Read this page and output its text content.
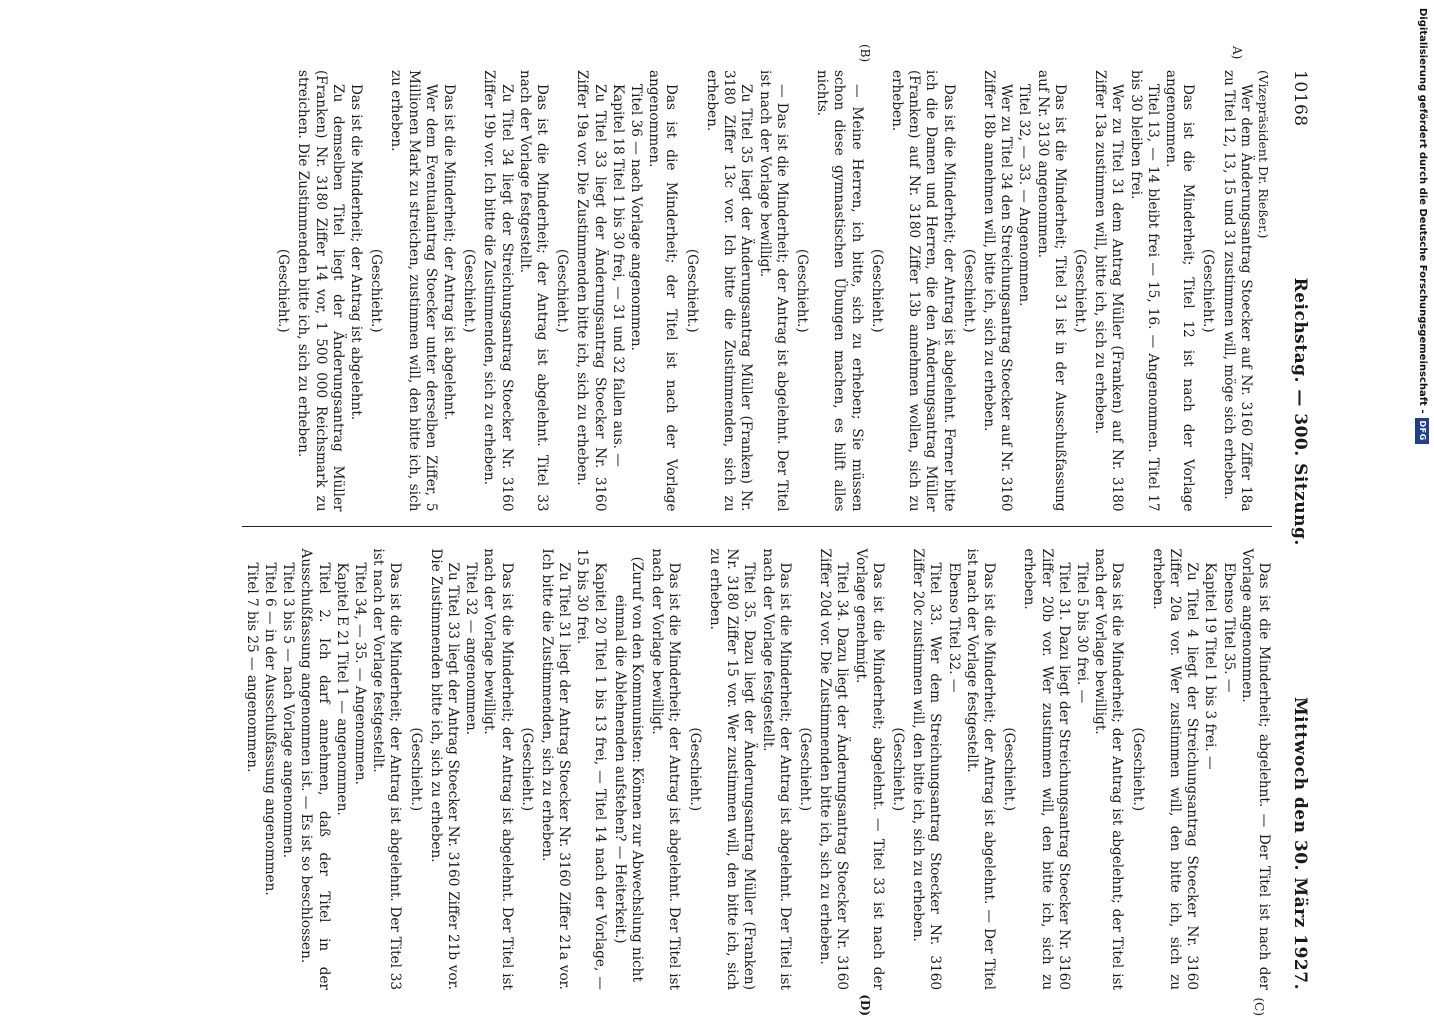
10168
Reichstag. — 300. Sitzung.
Mittwoch den 30. März 1927.
A)
(B)
(C)
(D)

(Vizepräsident Dr. Rießer.)

Wer dem Änderungsantrag Stoecker auf Nr. 3160 Ziffer 18a zu Titel 12, 13, 15 und 31 zustimmen will, möge sich erheben.

(Geschieht.)

Das ist die Minderheit; Titel 12 ist nach der Vorlage angenommen.

Titel 13, — 14 bleibt frei — 15, 16. — Angenommen. Titel 17 bis 30 bleiben frei.

Wer zu Titel 31 dem Antrag Müller (Franken) auf Nr. 3180 Ziffer 13a zustimmen will, bitte ich, sich zu erheben.

(Geschieht.)

Das ist die Minderheit; Titel 31 ist in der Ausschußfassung auf Nr. 3130 angenommen.

Titel 32, — 33. — Angenommen.

Wer zu Titel 34 den Streichungsantrag Stoecker auf Nr. 3160 Ziffer 18b annehmen will, bitte ich, sich zu erheben.

(Geschieht.)

Das ist die Minderheit; der Antrag ist abgelehnt. Ferner bitte ich die Damen und Herren, die den Änderungsantrag Müller (Franken) auf Nr. 3180 Ziffer 13b annehmen wollen, sich zu erheben.

(Geschieht.)

— Meine Herren, ich bitte, sich zu erheben; Sie müssen schon diese gymnastischen Übungen machen, es hilft alles nichts.

(Geschieht.)

— Das ist die Minderheit; der Antrag ist abgelehnt. Der Titel ist nach der Vorlage bewilligt.

Zu Titel 35 liegt der Änderungsantrag Müller (Franken) Nr. 3180 Ziffer 13c vor. Ich bitte die Zustimmenden, sich zu erheben.

(Geschieht.)

Das ist die Minderheit; der Titel ist nach der Vorlage angenommen.

Titel 36 — nach Vorlage angenommen.

Kapitel 18 Titel 1 bis 30 frei, — 31 und 32 fallen aus. —

Zu Titel 33 liegt der Änderungsantrag Stoecker Nr. 3160 Ziffer 19a vor. Die Zustimmenden bitte ich, sich zu erheben.

(Geschieht.)

Das ist die Minderheit; der Antrag ist abgelehnt. Titel 33 nach der Vorlage festgestellt.

Zu Titel 34 liegt der Streichungsantrag Stoecker Nr. 3160 Ziffer 19b vor. Ich bitte die Zustimmenden, sich zu erheben.

(Geschieht.)

Das ist die Minderheit; der Antrag ist abgelehnt.

Wer dem Eventualantrag Stoecker unter derselben Ziffer, 5 Millionen Mark zu streichen, zustimmen will, den bitte ich, sich zu erheben.

(Geschieht.)

Das ist die Minderheit; der Antrag ist abgelehnt.

Zu demselben Titel liegt der Änderungsantrag Müller (Franken) Nr. 3180 Ziffer 14 vor, 1 500 000 Reichsmark zu streichen. Die Zustimmenden bitte ich, sich zu erheben.

(Geschieht.)

Das ist die Minderheit; abgelehnt. — Der Titel ist nach der Vorlage angenommen.

Ebenso Titel 35. —

Kapitel 19 Titel 1 bis 3 frei. —

Zu Titel 4 liegt der Streichungsantrag Stoecker Nr. 3160 Ziffer 20a vor. Wer zustimmen will, den bitte ich, sich zu erheben.

(Geschieht.)

Das ist die Minderheit; der Antrag ist abgelehnt; der Titel ist nach der Vorlage bewilligt.

Titel 5 bis 30 frei. —

Titel 31. Dazu liegt der Streichungsantrag Stoecker Nr. 3160 Ziffer 20b vor. Wer zustimmen will, den bitte ich, sich zu erheben.

(Geschieht.)

Das ist die Minderheit; der Antrag ist abgelehnt. — Der Titel ist nach der Vorlage festgestellt.

Ebenso Titel 32. —

Titel 33. Wer dem Streichungsantrag Stoecker Nr. 3160 Ziffer 20c zustimmen will, den bitte ich, sich zu erheben.

(Geschieht.)

Das ist die Minderheit; abgelehnt. — Titel 33 ist nach der Vorlage genehmigt.

Titel 34. Dazu liegt der Änderungsantrag Stoecker Nr. 3160 Ziffer 20d vor. Die Zustimmenden bitte ich, sich zu erheben.

(Geschieht.)

Das ist die Minderheit; der Antrag ist abgelehnt. Der Titel ist nach der Vorlage festgestellt.

Titel 35. Dazu liegt der Änderungsantrag Müller (Franken) Nr. 3180 Ziffer 15 vor. Wer zustimmen will, den bitte ich, sich zu erheben.

(Geschieht.)

Das ist die Minderheit; der Antrag ist abgelehnt. Der Titel ist nach der Vorlage bewilligt.

(Zuruf von den Kommunisten: Können zur Abwechslung nicht einmal die Ablehnenden aufstehen? — Heiterkeit.)

Kapitel 20 Titel 1 bis 13 frei, — Titel 14 nach der Vorlage, — 15 bis 30 frei.

Zu Titel 31 liegt der Antrag Stoecker Nr. 3160 Ziffer 21a vor. Ich bitte die Zustimmenden, sich zu erheben.

(Geschieht.)

Das ist die Minderheit; der Antrag ist abgelehnt. Der Titel ist nach der Vorlage bewilligt.

Titel 32 — angenommen.

Zu Titel 33 liegt der Antrag Stoecker Nr. 3160 Ziffer 21b vor. Die Zustimmenden bitte ich, sich zu erheben.

(Geschieht.)

Das ist die Minderheit; der Antrag ist abgelehnt. Der Titel 33 ist nach der Vorlage festgestellt.

Titel 34, — 35. — Angenommen.

Kapitel E 21 Titel 1 — angenommen.

Titel 2. Ich darf annehmen, daß der Titel in der Ausschußfassung angenommen ist. — Es ist so beschlossen.

Titel 3 bis 5 — nach Vorlage angenommen.

Titel 6 — in der Ausschußfassung angenommen.

Titel 7 bis 25 — angenommen.

Digitalisierung gefördert durch die Deutsche Forschungsgemeinschaft -DFG
